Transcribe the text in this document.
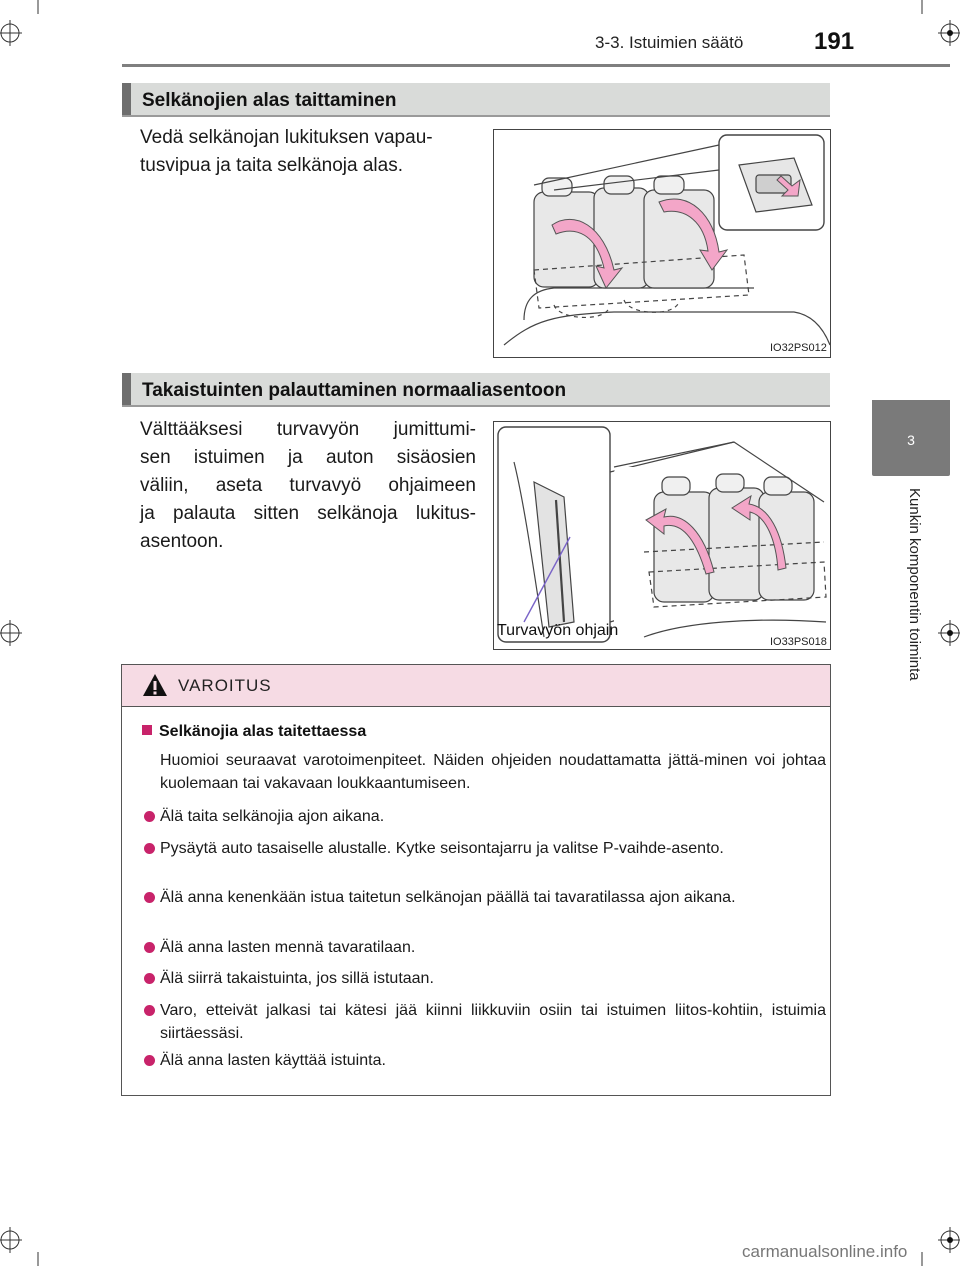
3-3. Istuimien säätö	191
3
Kunkin komponentin toiminta
Selkänojien alas taittaminen
Vedä selkänojan lukituksen vapau-
tusvipua ja taita selkänoja alas.
IO32PS012
Takaistuinten palauttaminen normaaliasentoon
Välttääksesi turvavyön jumittumi-
sen istuimen ja auton sisäosien
väliin, aseta turvavyö ohjaimeen
ja palauta sitten selkänoja lukitus-
asentoon.
Turvavyön ohjain
IO33PS018
VAROITUS
Selkänojia alas taitettaessa
Huomioi seuraavat varotoimenpiteet. Näiden ohjeiden noudattamatta jättä-minen voi johtaa kuolemaan tai vakavaan loukkaantumiseen.
Älä taita selkänojia ajon aikana.
Pysäytä auto tasaiselle alustalle. Kytke seisontajarru ja valitse P-vaihde-asento.
Älä anna kenenkään istua taitetun selkänojan päällä tai tavaratilassa ajon aikana.
Älä anna lasten mennä tavaratilaan.
Älä siirrä takaistuinta, jos sillä istutaan.
Varo, etteivät jalkasi tai kätesi jää kiinni liikkuviin osiin tai istuimen liitos-kohtiin, istuimia siirtäessäsi.
Älä anna lasten käyttää istuinta.
carmanualsonline.info
